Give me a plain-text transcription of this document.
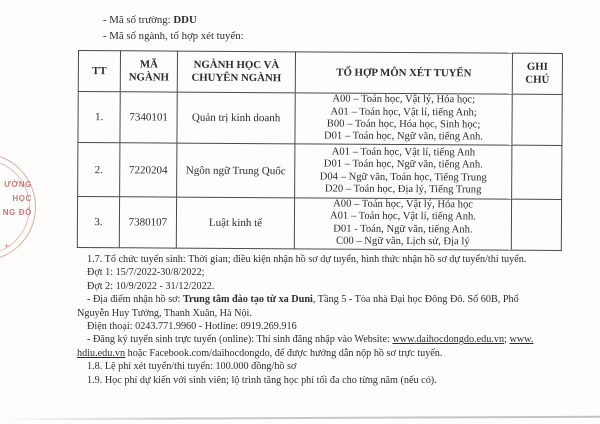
ƯỜNG
HỌC
NG ĐÔ
+
- Mã số trường: DDU
- Mã số ngành, tổ hợp xét tuyển:
TT	MÃ NGÀNH	NGÀNH HỌC VÀ CHUYÊN NGÀNH	TỔ HỢP MÔN XÉT TUYỂN	GHI CHÚ
1.	7340101	Quản trị kinh doanh	A00 – Toán học, Vật lý, Hóa học;
A01 – Toán học, Vật lí, tiếng Anh;
B00 – Toán học, Hóa học, Sinh học;
D01 – Toán học, Ngữ văn, tiếng Anh.	

2.	7220204	Ngôn ngữ Trung Quốc	A01 – Toán học, Vật lí, tiếng Anh
D01 – Toán học, Ngữ văn, tiếng Anh.
D04 – Ngữ văn, Toán học, Tiếng Trung
D20 – Toán học, Địa lý, Tiếng Trung	

3.	7380107	Luật kinh tế	A00 – Toán học, Vật lý, Hóa học
A01 – Toán học, Vật lí, tiếng Anh.
D01 - Toán, Ngữ văn, tiếng Anh.
C00 – Ngữ văn, Lịch sử, Địa lý	

1.7. Tổ chức tuyển sinh: Thời gian; điều kiện nhận hồ sơ dự tuyển, hình thức nhận hồ sơ dự tuyển/thi tuyển.
Đợt 1: 15/7/2022-30/8/2022;
Đợt 2: 10/9/2022 - 31/12/2022.
- Địa điểm nhận hồ sơ: Trung tâm đào tạo từ xa Duni, Tầng 5 - Tòa nhà Đại học Đông Đô. Số 60B, Phố
Nguyễn Huy Tưởng, Thanh Xuân, Hà Nội.
Điện thoại: 0243.771.9960 - Hotline: 0919.269.916
- Đăng ký tuyển sinh trực tuyến (online): Thí sinh đăng nhập vào Website: www.daihocdongdo.edu.vn; www.
hdiu.edu.vn hoặc Facebook.com/daihocdongdo, để được hướng dẫn nộp hồ sơ trực tuyến.
1.8. Lệ phí xét tuyển/thi tuyển: 100.000 đồng/hồ sơ
1.9. Học phí dự kiến với sinh viên; lộ trình tăng học phí tối đa cho từng năm (nếu có).
